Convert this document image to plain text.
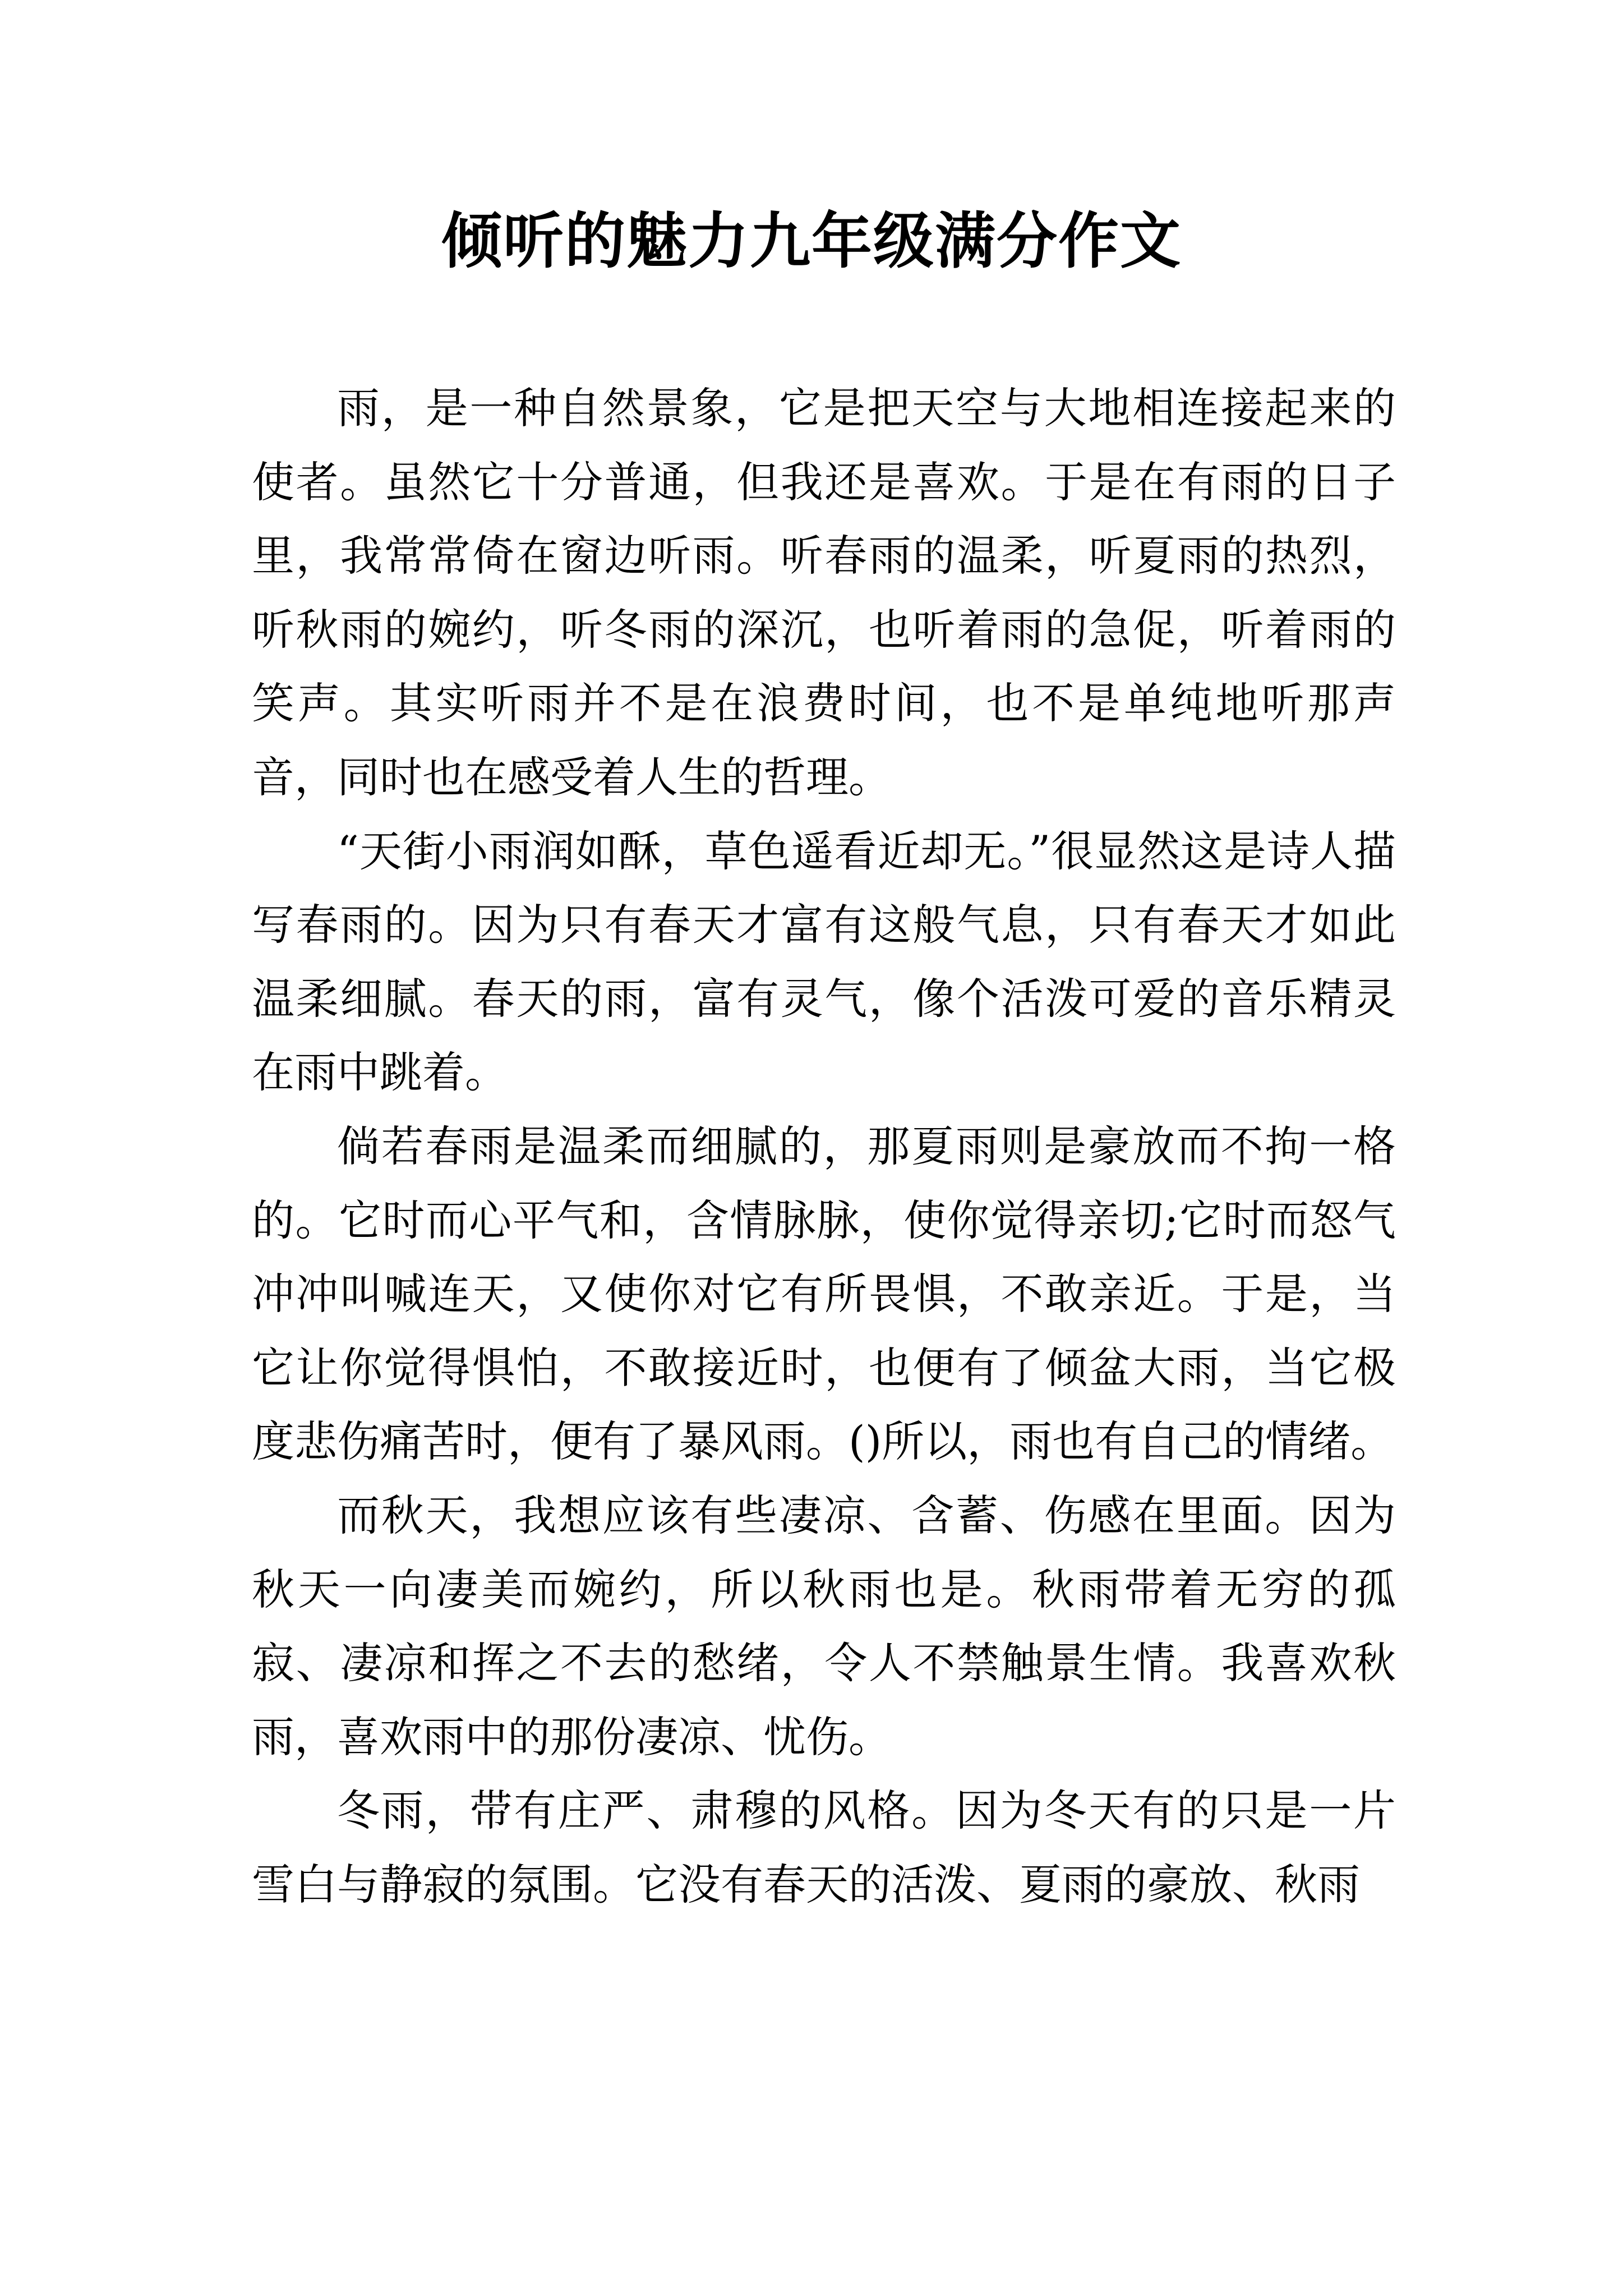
倾听的魅力九年级满分作文

雨，是一种自然景象，它是把天空与大地相连接起来的使者。虽然它十分普通，但我还是喜欢。于是在有雨的日子里，我常常倚在窗边听雨。听春雨的温柔，听夏雨的热烈，听秋雨的婉约，听冬雨的深沉，也听着雨的急促，听着雨的笑声。其实听雨并不是在浪费时间，也不是单纯地听那声音，同时也在感受着人生的哲理。

“天街小雨润如酥，草色遥看近却无。”很显然这是诗人描写春雨的。因为只有春天才富有这般气息，只有春天才如此温柔细腻。春天的雨，富有灵气，像个活泼可爱的音乐精灵在雨中跳着。

倘若春雨是温柔而细腻的，那夏雨则是豪放而不拘一格的。它时而心平气和，含情脉脉，使你觉得亲切;它时而怒气冲冲叫喊连天，又使你对它有所畏惧，不敢亲近。于是，当它让你觉得惧怕，不敢接近时，也便有了倾盆大雨，当它极度悲伤痛苦时，便有了暴风雨。()所以，雨也有自己的情绪。

而秋天，我想应该有些凄凉、含蓄、伤感在里面。因为秋天一向凄美而婉约，所以秋雨也是。秋雨带着无穷的孤寂、凄凉和挥之不去的愁绪，令人不禁触景生情。我喜欢秋雨，喜欢雨中的那份凄凉、忧伤。

冬雨，带有庄严、肃穆的风格。因为冬天有的只是一片雪白与静寂的氛围。它没有春天的活泼、夏雨的豪放、秋雨
